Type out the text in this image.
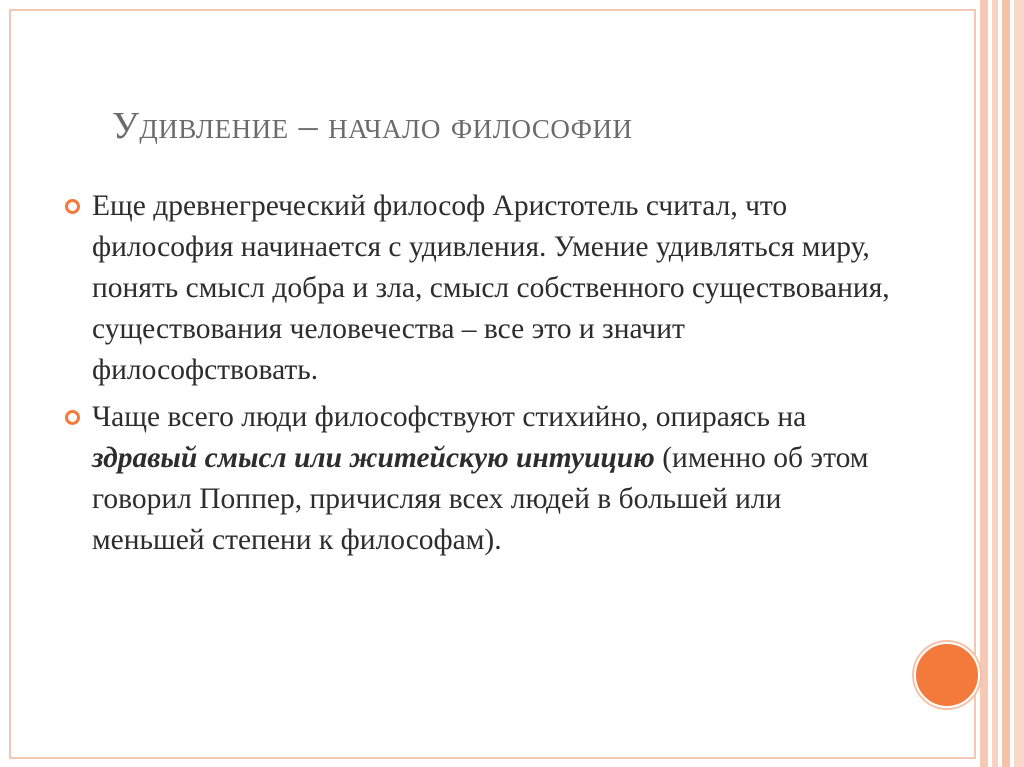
Удивление – начало философии
Еще древнегреческий философ Аристотель считал, что философия начинается с удивления. Умение удивляться миру, понять смысл добра и зла, смысл собственного существования, существования человечества – все это и значит философствовать.
Чаще всего люди философствуют стихийно, опираясь на здравый смысл или житейскую интуицию (именно об этом говорил Поппер, причисляя всех людей в большей или меньшей степени к философам).
